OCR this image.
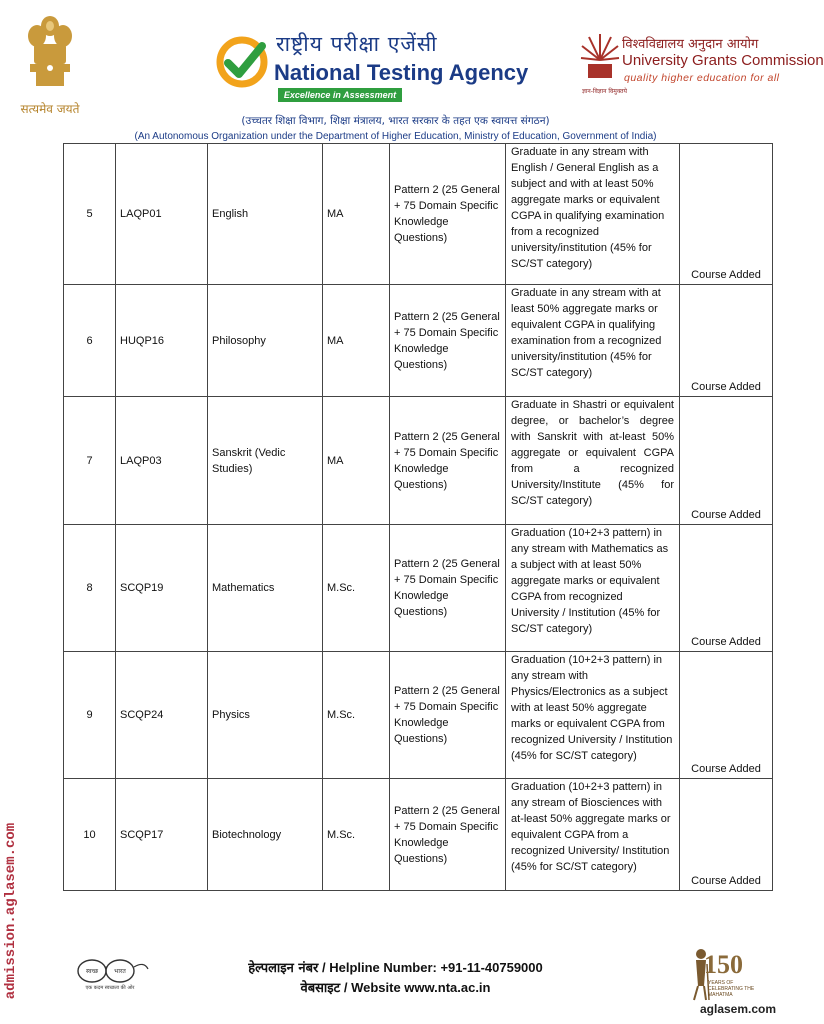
सत्यमेव जयते
राष्ट्रीय परीक्षा एजेंसी
National Testing Agency
Excellence in Assessment
विश्वविद्यालय अनुदान आयोग
University Grants Commission
quality higher education for all
ज्ञान-विज्ञान विमुक्तये
(उच्चतर शिक्षा विभाग, शिक्षा मंत्रालय, भारत सरकार के तहत एक स्वायत्त संगठन)
(An Autonomous Organization under the Department of Higher Education, Ministry of Education, Government of India)
5	LAQP01	English	MA	Pattern 2 (25 General + 75 Domain Specific Knowledge Questions)	Graduate in any stream with English / General English as a subject and with at least 50% aggregate marks or equivalent CGPA in qualifying examination from a recognized university/institution (45% for SC/ST category)	Course Added
6	HUQP16	Philosophy	MA	Pattern 2 (25 General + 75 Domain Specific Knowledge Questions)	Graduate in any stream with at least 50% aggregate marks or equivalent CGPA in qualifying examination from a recognized university/institution (45% for SC/ST category)	Course Added
7	LAQP03	Sanskrit (Vedic Studies)	MA	Pattern 2 (25 General + 75 Domain Specific Knowledge Questions)	Graduate in Shastri or equivalent degree, or bachelor’s degree with Sanskrit with at-least 50% aggregate or equivalent CGPA from a recognized University/Institute (45% for SC/ST category)	Course Added
8	SCQP19	Mathematics	M.Sc.	Pattern 2 (25 General + 75 Domain Specific Knowledge Questions)	Graduation (10+2+3 pattern) in any stream with Mathematics as a subject with at least 50% aggregate marks or equivalent CGPA from recognized University / Institution (45% for SC/ST category)	Course Added
9	SCQP24	Physics	M.Sc.	Pattern 2 (25 General + 75 Domain Specific Knowledge Questions)	Graduation (10+2+3 pattern) in any stream with Physics/Electronics as a subject with at least 50% aggregate marks or equivalent CGPA from recognized University / Institution (45% for SC/ST category)	Course Added
10	SCQP17	Biotechnology	M.Sc.	Pattern 2 (25 General + 75 Domain Specific Knowledge Questions)	Graduation (10+2+3 pattern) in any stream of Biosciences with at-least 50% aggregate marks or equivalent CGPA from a recognized University/ Institution (45% for SC/ST category)	Course Added
admission.aglasem.com	स्वच्छ	भारत
एक कदम स्वच्छता की ओर
हेल्पलाइन नंबर / Helpline Number: +91-11-40759000
वेबसाइट / Website www.nta.ac.in
150
YEARS OF CELEBRATING THE MAHATMA
aglasem.com
